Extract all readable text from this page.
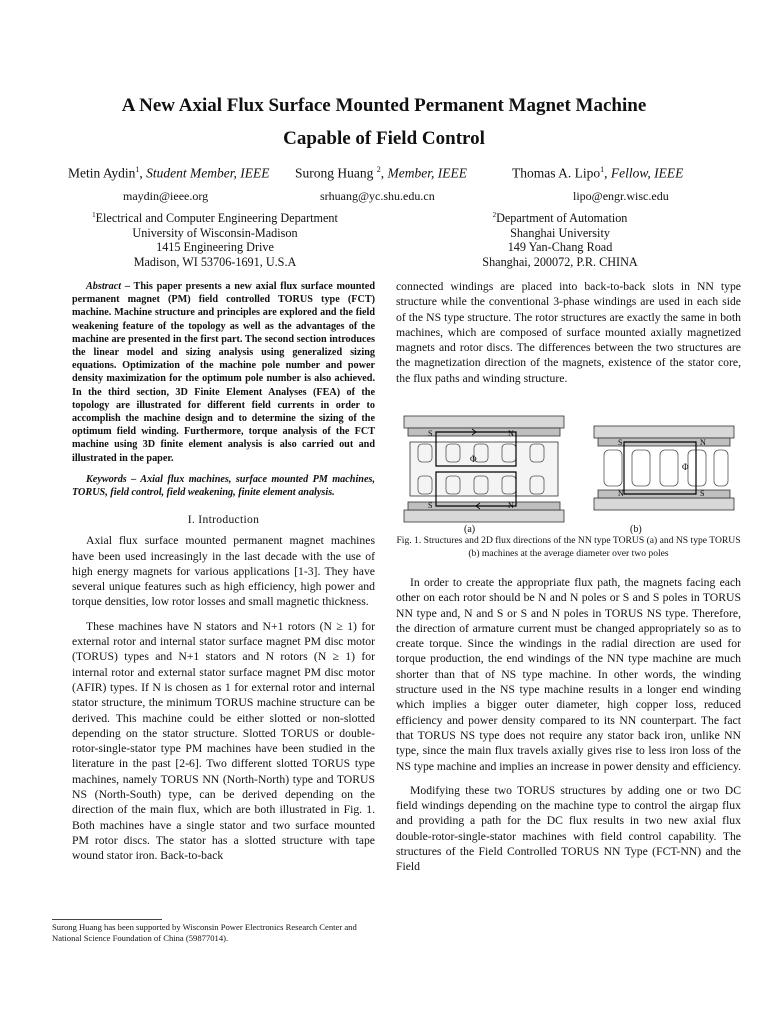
A New Axial Flux Surface Mounted Permanent Magnet Machine
Capable of Field Control
Metin Aydin$^1$, Student Member, IEEE Surong Huang $^2$, Member, IEEE	Thomas A. Lipo$^1$, Fellow, IEEE
maydin@ieee.org	srhuang@yc.shu.edu.cn	lipo@engr.wisc.edu
$^1$Electrical and Computer Engineering Department
University of Wisconsin-Madison
1415 Engineering Drive
Madison, WI 53706-1691, U.S.A
$^2$Department of Automation
Shanghai University
149 Yan-Chang Road
Shanghai, 200072, P.R. CHINA

Abstract – This paper presents a new axial flux surface mounted permanent magnet (PM) field controlled TORUS type (FCT) machine. Machine structure and principles are explored and the field weakening feature of the topology as well as the advantages of the machine are presented in the first part. The second section introduces the linear model and sizing analysis using generalized sizing equations. Optimization of the machine pole number and power density maximization for the optimum pole number is also achieved. In the third section, 3D Finite Element Analyses (FEA) of the topology are illustrated for different field currents in order to accomplish the machine design and to determine the sizing of the optimum field winding. Furthermore, torque analysis of the FCT machine using 3D finite element analysis is also carried out and illustrated in the paper.

Keywords – Axial flux machines, surface mounted PM machines, TORUS, field control, field weakening, finite element analysis.

I. Introduction

Axial flux surface mounted permanent magnet machines have been used increasingly in the last decade with the use of high energy magnets for various applications [1-3]. They have several unique features such as high efficiency, high power and torque densities, low rotor losses and small magnetic thickness.

These machines have N stators and N+1 rotors (N ≥ 1) for external rotor and internal stator surface magnet PM disc motor (TORUS) types and N+1 stators and N rotors (N ≥ 1) for internal rotor and external stator surface magnet PM disc motor (AFIR) types. If N is chosen as 1 for external rotor and internal stator structure, the minimum TORUS machine structure can be derived. This machine could be either slotted or non-slotted depending on the stator structure. Slotted TORUS or double-rotor-single-stator type PM machines have been studied in the literature in the past [2-6]. Two different slotted TORUS type machines, namely TORUS NN (North-North) type and TORUS NS (North-South) type, can be derived depending on the direction of the main flux, which are both illustrated in Fig. 1. Both machines have a single stator and two surface mounted PM rotor discs. The stator has a slotted structure with tape wound stator iron. Back-to-back

connected windings are placed into back-to-back slots in NN type structure while the conventional 3-phase windings are used in each side of the NS type structure. The rotor structures are exactly the same in both machines, which are composed of surface mounted axially magnetized magnets and rotor discs. The differences between the two structures are the magnetization direction of the magnets, existence of the stator core, the flux paths and winding structure.

S	N
S	N
Φ
S	N
N	S
Φ
(a)	(b)
Fig. 1. Structures and 2D flux directions of the NN type TORUS (a) and NS type TORUS (b) machines at the average diameter over two poles

In order to create the appropriate flux path, the magnets facing each other on each rotor should be N and N poles or S and S poles in TORUS NN type and, N and S or S and N poles in TORUS NS type. Therefore, the direction of armature current must be changed appropriately so as to create torque. Since the windings in the radial direction are used for torque production, the end windings of the NN type machine are much shorter than that of NS type machine. In other words, the winding structure used in the NS type machine results in a longer end winding which implies a bigger outer diameter, high copper loss, reduced efficiency and power density compared to its NN counterpart. The fact that TORUS NS type does not require any stator back iron, unlike NN type, since the main flux travels axially gives rise to less iron loss of the NS type machine and implies an increase in power density and efficiency.

Modifying these two TORUS structures by adding one or two DC field windings depending on the machine type to control the airgap flux and providing a path for the DC flux results in two new axial flux double-rotor-single-stator machines with field control capability. The structures of the Field Controlled TORUS NN Type (FCT-NN) and the Field

Surong Huang has been supported by Wisconsin Power Electronics Research Center and National Science Foundation of China (59877014).
